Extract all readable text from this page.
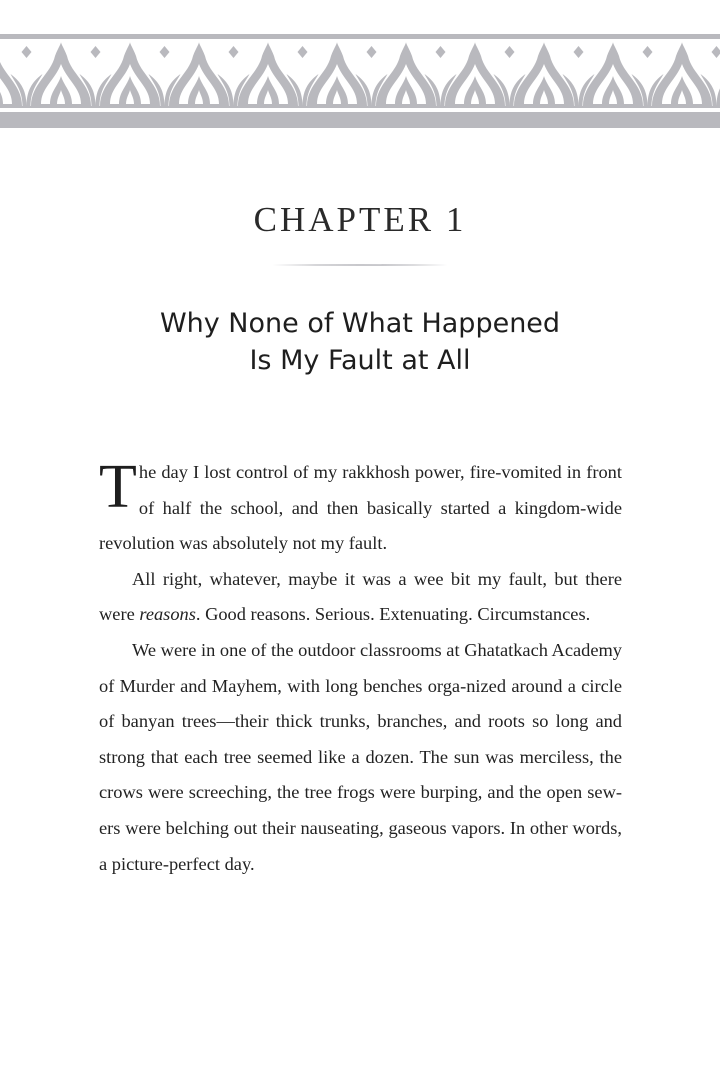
CHAPTER 1
Why None of What Happened
Is My Fault at All

The day I lost control of my rakkhosh power, fire-vomited in front of half the school, and then basically started a kingdom-wide revolution was absolutely not my fault.

All right, whatever, maybe it was a wee bit my fault, but there were reasons. Good reasons. Serious. Extenuating. Circumstances.

We were in one of the outdoor classrooms at Ghatatkach Academy of Murder and Mayhem, with long benches orga-nized around a circle of banyan trees—their thick trunks, branches, and roots so long and strong that each tree seemed like a dozen. The sun was merciless, the crows were screeching, the tree frogs were burping, and the open sew-ers were belching out their nauseating, gaseous vapors. In other words, a picture-perfect day.
